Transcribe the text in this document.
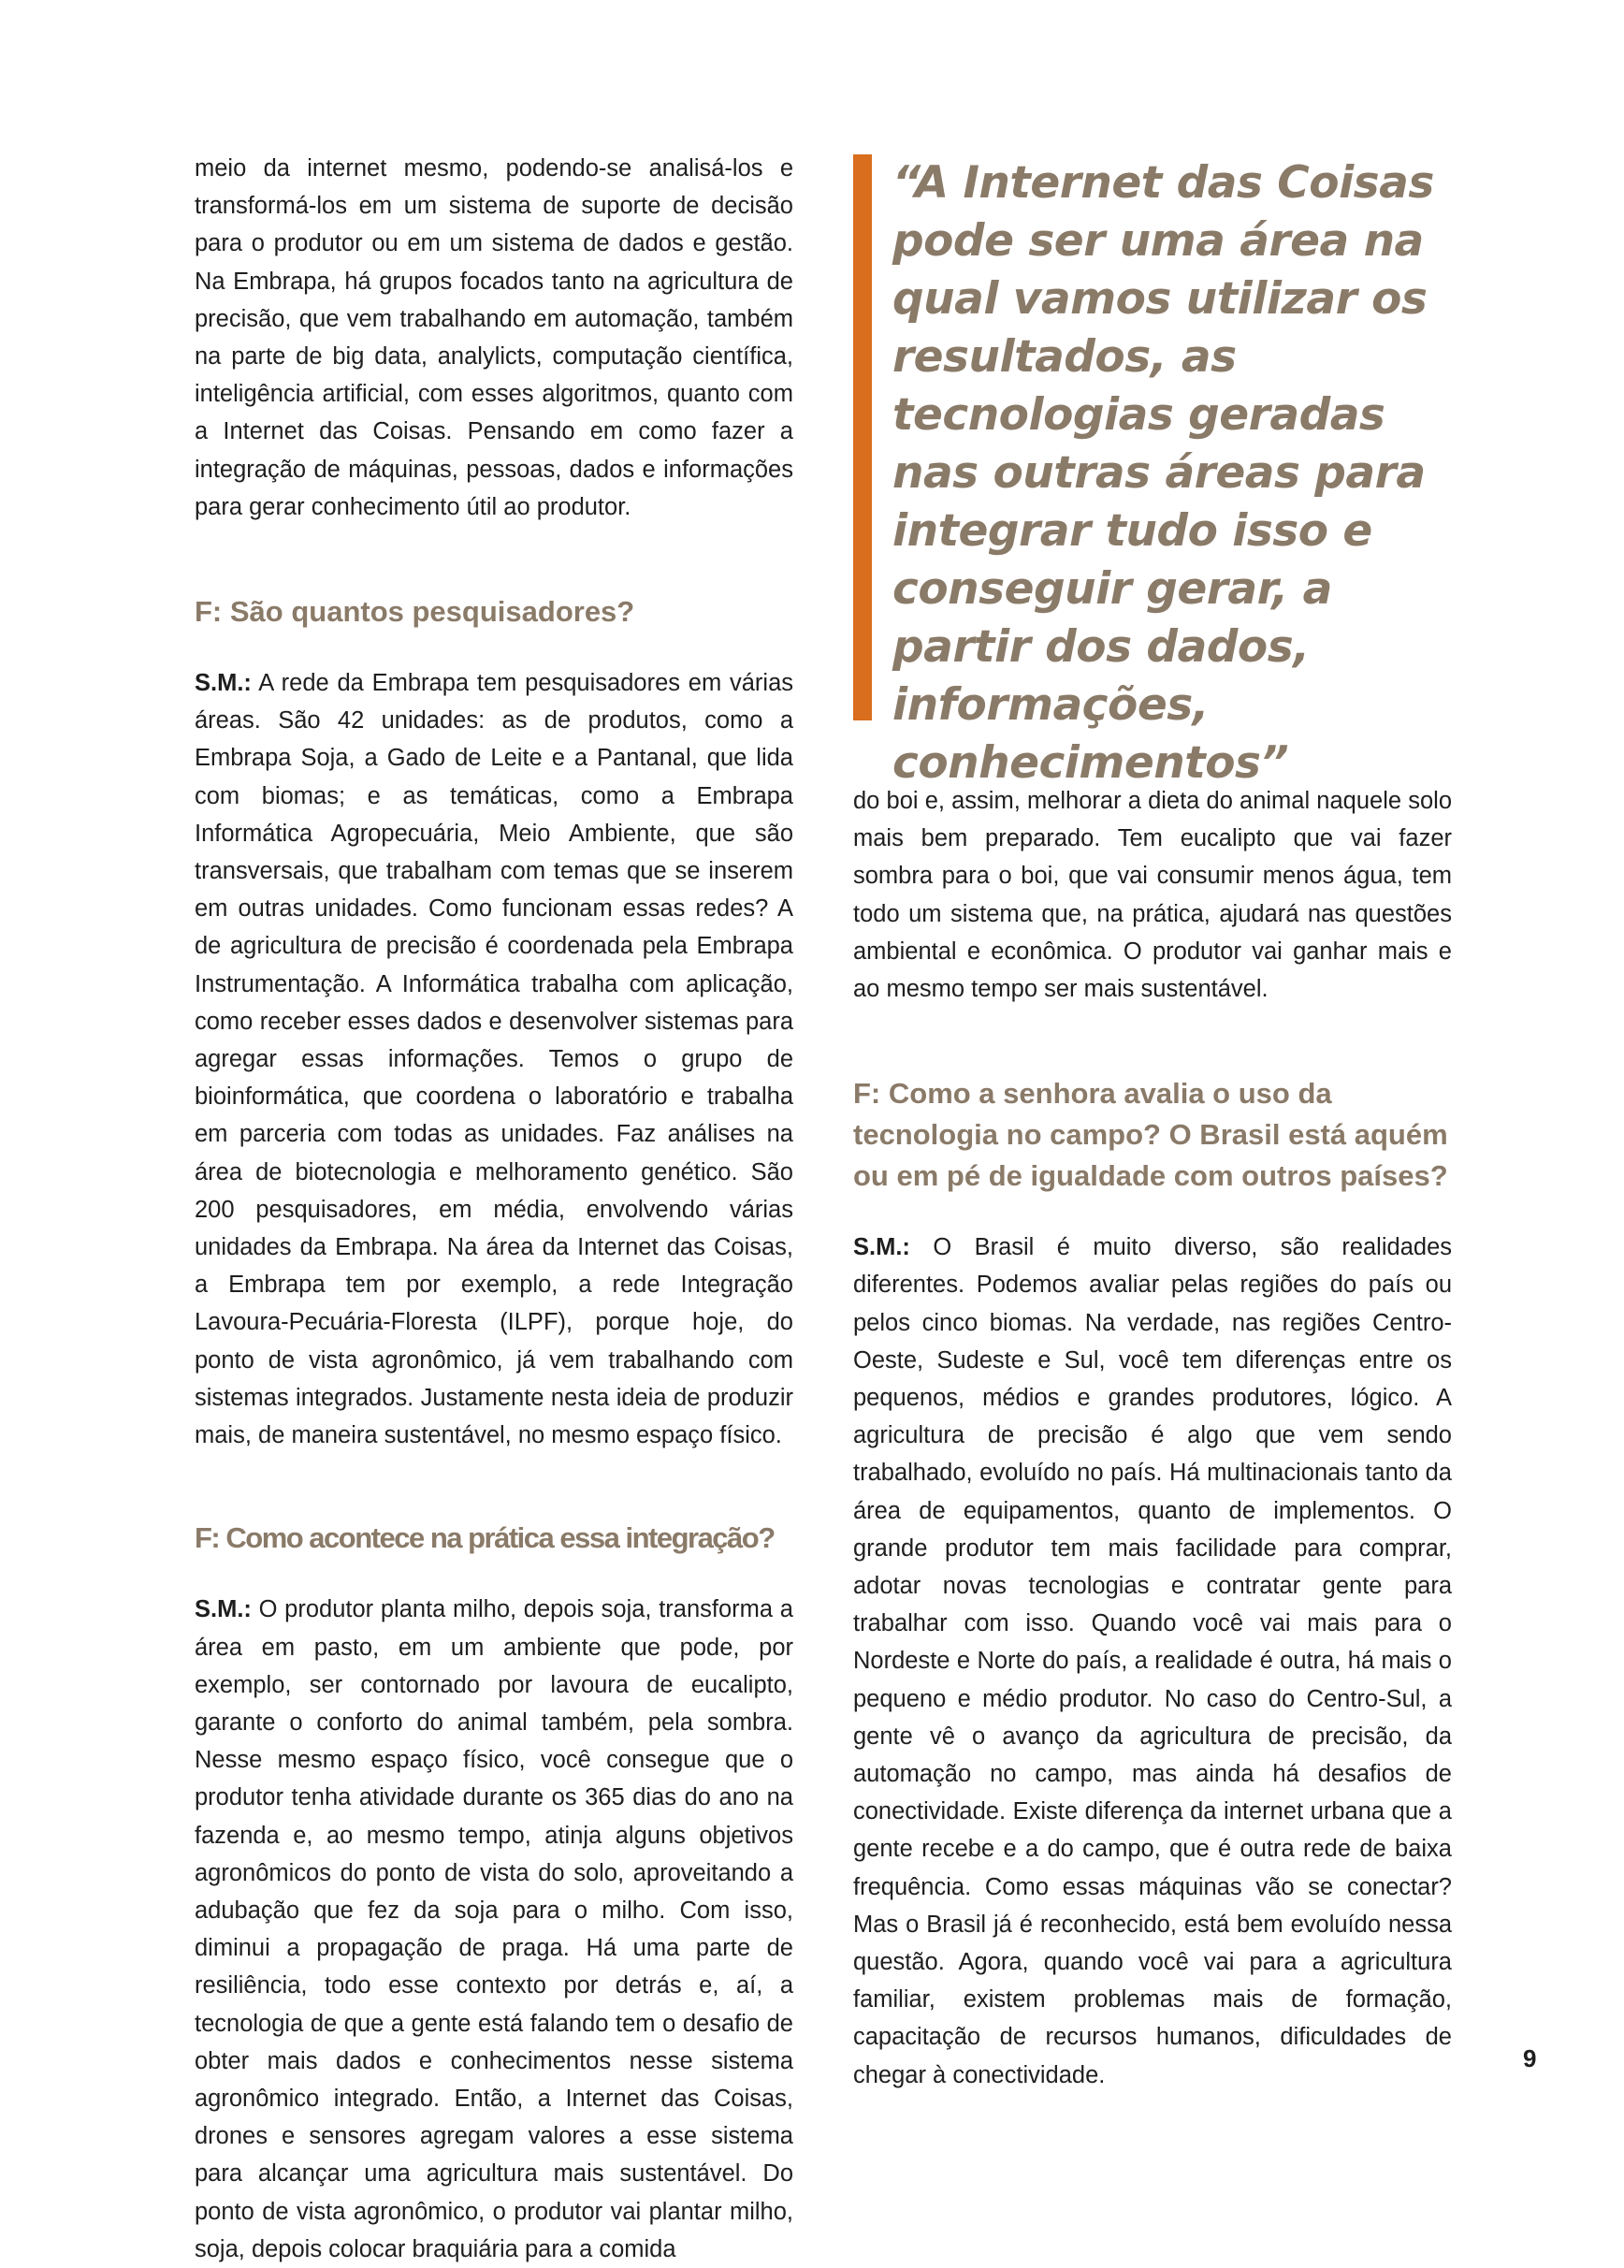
meio da internet mesmo, podendo-se analisá-los e transformá-los em um sistema de suporte de decisão para o produtor ou em um sistema de dados e gestão. Na Embrapa, há grupos focados tanto na agricultura de precisão, que vem trabalhando em automação, também na parte de big data, analylicts, computação científica, inteligência artificial, com esses algoritmos, quanto com a Internet das Coisas. Pensando em como fazer a integração de máquinas, pessoas, dados e informações para gerar conhecimento útil ao produtor.

F: São quantos pesquisadores?

S.M.: A rede da Embrapa tem pesquisadores em várias áreas. São 42 unidades: as de produtos, como a Embrapa Soja, a Gado de Leite e a Pantanal, que lida com biomas; e as temáticas, como a Embrapa Informática Agropecuária, Meio Ambiente, que são transversais, que trabalham com temas que se inserem em outras unidades. Como funcionam essas redes? A de agricultura de precisão é coordenada pela Embrapa Instrumentação. A Informática trabalha com aplicação, como receber esses dados e desenvolver sistemas para agregar essas informações. Temos o grupo de bioinformática, que coordena o laboratório e trabalha em parceria com todas as unidades. Faz análises na área de biotecnologia e melhoramento genético. São 200 pesquisadores, em média, envolvendo várias unidades da Embrapa. Na área da Internet das Coisas, a Embrapa tem por exemplo, a rede Integração Lavoura-Pecuária-Floresta (ILPF), porque hoje, do ponto de vista agronômico, já vem trabalhando com sistemas integrados. Justamente nesta ideia de produzir mais, de maneira sustentável, no mesmo espaço físico.

F: Como acontece na prática essa integração?

S.M.: O produtor planta milho, depois soja, transforma a área em pasto, em um ambiente que pode, por exemplo, ser contornado por lavoura de eucalipto, garante o conforto do animal também, pela sombra. Nesse mesmo espaço físico, você consegue que o produtor tenha atividade durante os 365 dias do ano na fazenda e, ao mesmo tempo, atinja alguns objetivos agronômicos do ponto de vista do solo, aproveitando a adubação que fez da soja para o milho. Com isso, diminui a propagação de praga. Há uma parte de resiliência, todo esse contexto por detrás e, aí, a tecnologia de que a gente está falando tem o desafio de obter mais dados e conhecimentos nesse sistema agronômico integrado. Então, a Internet das Coisas, drones e sensores agregam valores a esse sistema para alcançar uma agricultura mais sustentável. Do ponto de vista agronômico, o produtor vai plantar milho, soja, depois colocar braquiária para a comida

“A Internet das Coisas pode ser uma área na qual vamos utilizar os resultados, as tecnologias geradas nas outras áreas para integrar tudo isso e conseguir gerar, a partir dos dados, informações, conhecimentos”

do boi e, assim, melhorar a dieta do animal naquele solo mais bem preparado. Tem eucalipto que vai fazer sombra para o boi, que vai consumir menos água, tem todo um sistema que, na prática, ajudará nas questões ambiental e econômica. O produtor vai ganhar mais e ao mesmo tempo ser mais sustentável.

F: Como a senhora avalia o uso da tecnologia no campo? O Brasil está aquém ou em pé de igualdade com outros países?

S.M.: O Brasil é muito diverso, são realidades diferentes. Podemos avaliar pelas regiões do país ou pelos cinco biomas. Na verdade, nas regiões Centro-Oeste, Sudeste e Sul, você tem diferenças entre os pequenos, médios e grandes produtores, lógico. A agricultura de precisão é algo que vem sendo trabalhado, evoluído no país. Há multinacionais tanto da área de equipamentos, quanto de implementos. O grande produtor tem mais facilidade para comprar, adotar novas tecnologias e contratar gente para trabalhar com isso. Quando você vai mais para o Nordeste e Norte do país, a realidade é outra, há mais o pequeno e médio produtor. No caso do Centro-Sul, a gente vê o avanço da agricultura de precisão, da automação no campo, mas ainda há desafios de conectividade. Existe diferença da internet urbana que a gente recebe e a do campo, que é outra rede de baixa frequência. Como essas máquinas vão se conectar? Mas o Brasil já é reconhecido, está bem evoluído nessa questão. Agora, quando você vai para a agricultura familiar, existem problemas mais de formação, capacitação de recursos humanos, dificuldades de chegar à conectividade.

9
